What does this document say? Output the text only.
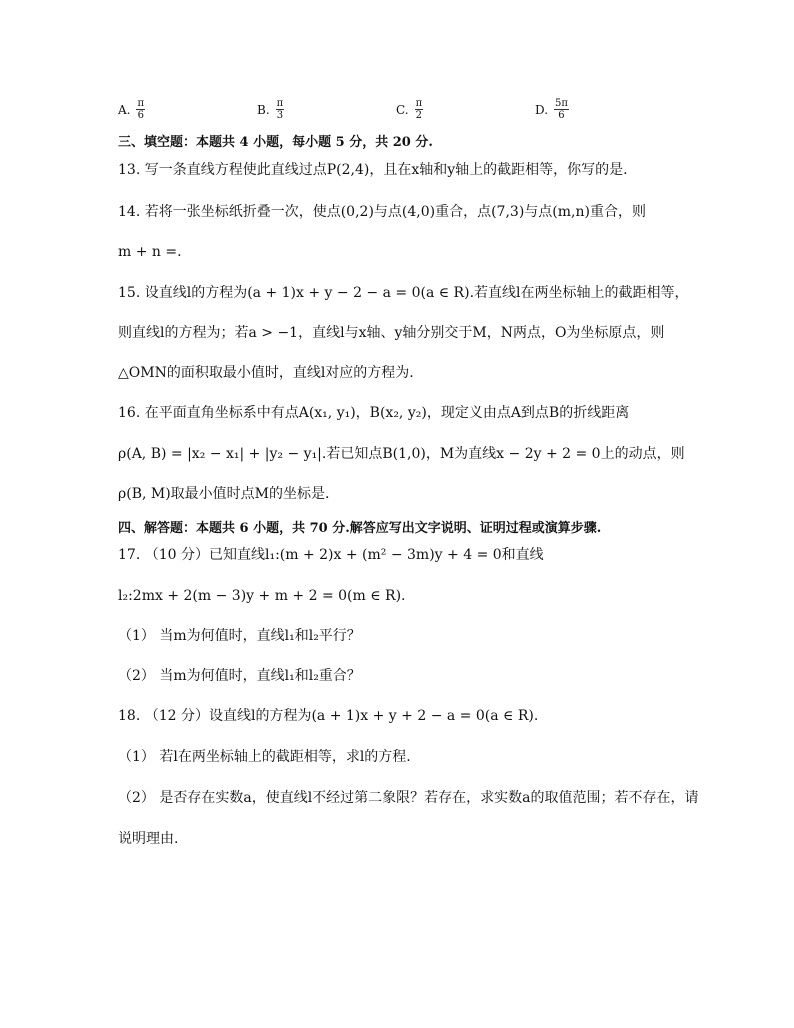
A. $\frac{\pi}{6}$	B. $\frac{\pi}{3}$	C. $\frac{\pi}{2}$	D. $\frac{5\pi}{6}$
三、填空题：本题共 4 小题，每小题 5 分，共 20 分.
13. 写一条直线方程使此直线过点P(2,4)，且在x轴和y轴上的截距相等，你写的是.
14. 若将一张坐标纸折叠一次，使点(0,2)与点(4,0)重合，点(7,3)与点(m,n)重合，则
m + n =.
15. 设直线l的方程为(a + 1)x + y − 2 − a = 0(a ∈ R).若直线l在两坐标轴上的截距相等，
则直线l的方程为；若a > −1，直线l与x轴、y轴分别交于M，N两点，O为坐标原点，则
△OMN的面积取最小值时，直线l对应的方程为.
16. 在平面直角坐标系中有点A(x₁, y₁)，B(x₂, y₂)，现定义由点A到点B的折线距离
ρ(A, B) = |x₂ − x₁| + |y₂ − y₁|.若已知点B(1,0)，M为直线x − 2y + 2 = 0上的动点，则
ρ(B, M)取最小值时点M的坐标是.
四、解答题：本题共 6 小题，共 70 分.解答应写出文字说明、证明过程或演算步骤.
17. （10 分）已知直线l₁:(m + 2)x + (m² − 3m)y + 4 = 0和直线
l₂:2mx + 2(m − 3)y + m + 2 = 0(m ∈ R).
（1） 当m为何值时，直线l₁和l₂平行？
（2） 当m为何值时，直线l₁和l₂重合？
18. （12 分）设直线l的方程为(a + 1)x + y + 2 − a = 0(a ∈ R).
（1） 若l在两坐标轴上的截距相等，求l的方程.
（2） 是否存在实数a，使直线l不经过第二象限？若存在，求实数a的取值范围；若不存在，请
说明理由.
